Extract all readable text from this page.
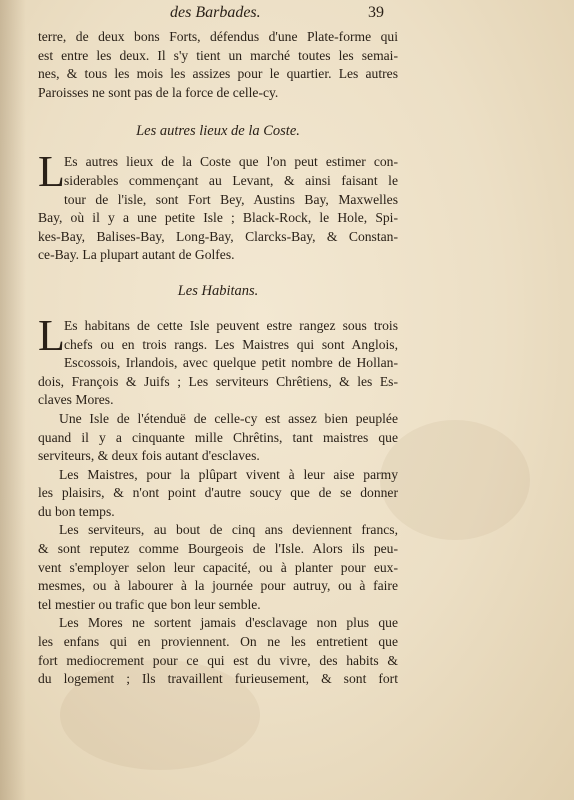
des Barbades.	39
terre, de deux bons Forts, défendus d'une Plate-forme qui
est entre les deux. Il s'y tient un marché toutes les semai-
nes, & tous les mois les assizes pour le quartier. Les autres
Paroisses ne sont pas de la force de celle-cy.
Les autres lieux de la Coste.
L Es autres lieux de la Coste que l'on peut estimer con-
siderables commençant au Levant, & ainsi faisant le
tour de l'isle, sont Fort Bey, Austins Bay, Maxwelles
Bay, où il y a une petite Isle ; Black-Rock, le Hole, Spi-
kes-Bay, Balises-Bay, Long-Bay, Clarcks-Bay, & Constan-
ce-Bay. La plupart autant de Golfes.
Les Habitans.
L Es habitans de cette Isle peuvent estre rangez sous trois
chefs ou en trois rangs. Les Maistres qui sont Anglois,
Escossois, Irlandois, avec quelque petit nombre de Hollan-
dois, François & Juifs ; Les serviteurs Chrêtiens, & les Es-
claves Mores.
Une Isle de l'étenduë de celle-cy est assez bien peuplée
quand il y a cinquante mille Chrêtins, tant maistres que
serviteurs, & deux fois autant d'esclaves.
Les Maistres, pour la plûpart vivent à leur aise parmy
les plaisirs, & n'ont point d'autre soucy que de se donner
du bon temps.
Les serviteurs, au bout de cinq ans deviennent francs,
& sont reputez comme Bourgeois de l'Isle. Alors ils peu-
vent s'employer selon leur capacité, ou à planter pour eux-
mesmes, ou à labourer à la journée pour autruy, ou à faire
tel mestier ou trafic que bon leur semble.
Les Mores ne sortent jamais d'esclavage non plus que
les enfans qui en proviennent. On ne les entretient que
fort mediocrement pour ce qui est du vivre, des habits &
du logement ; Ils travaillent furieusement, & sont fort
